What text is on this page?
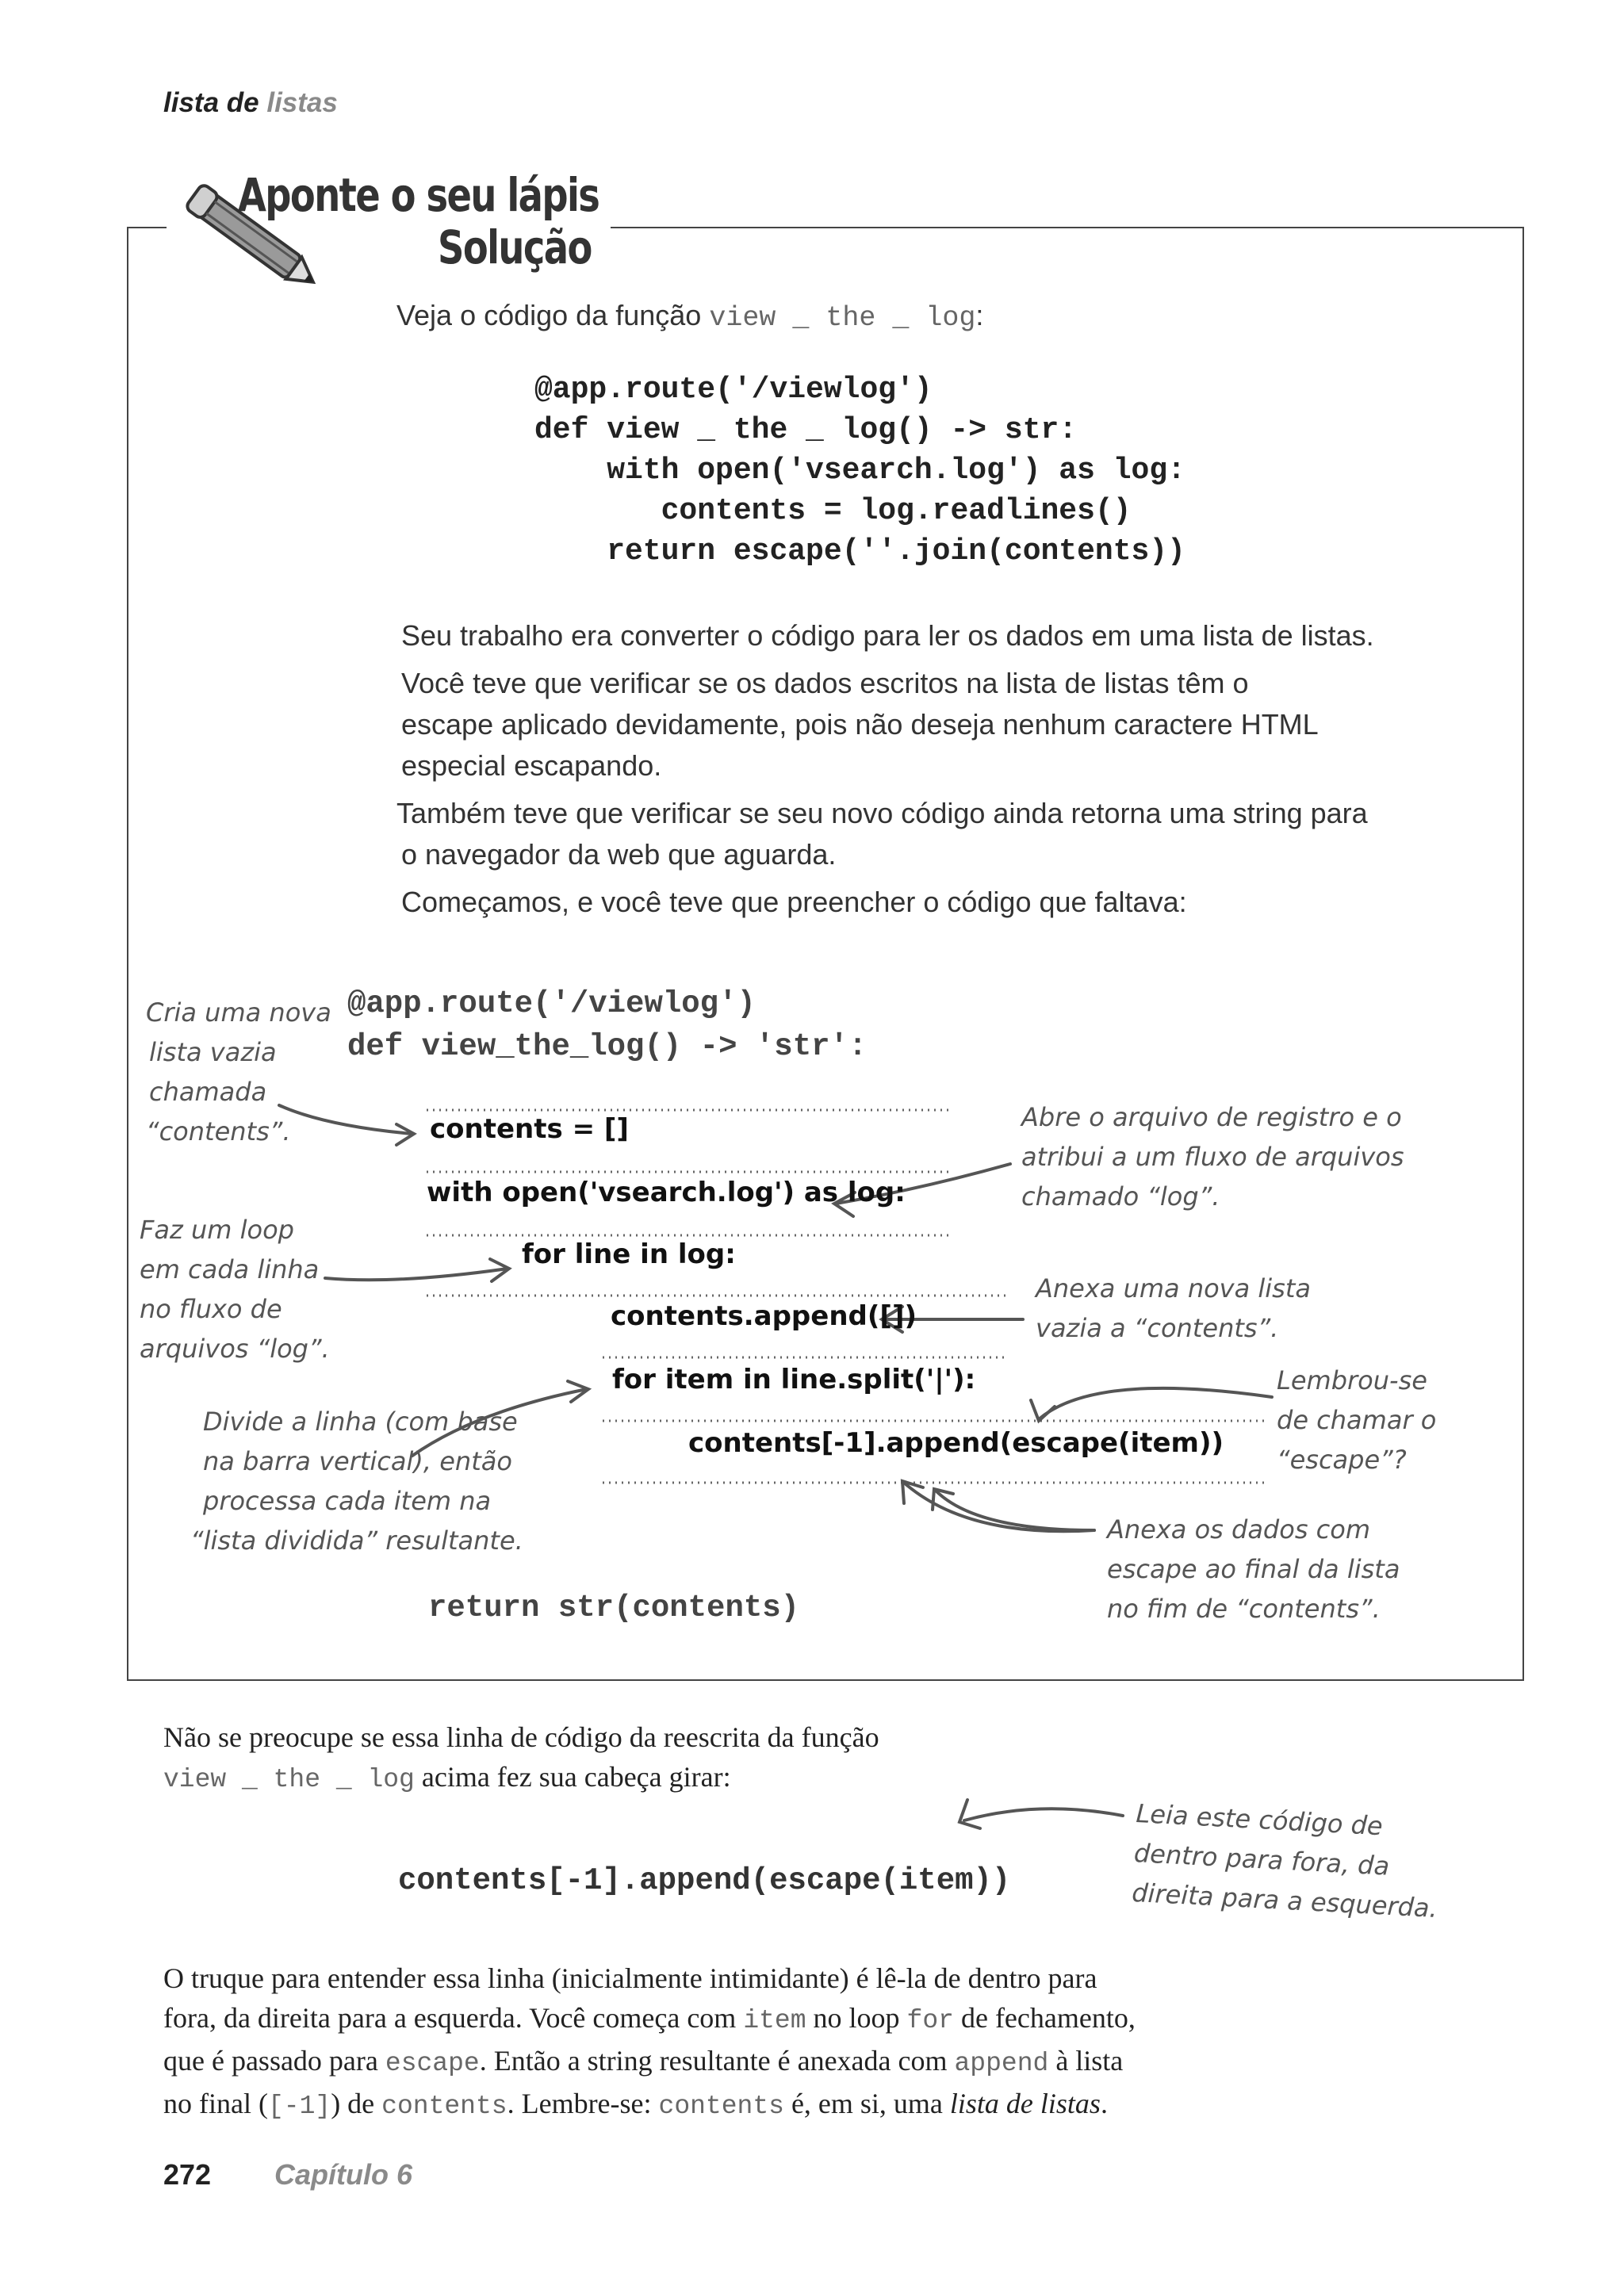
lista de listas

Aponte o seu lápis

Solução

Veja o código da função view _ the _ log:

@app.route('/viewlog')

def view _ the _ log() -> str:

with open('vsearch.log') as log:

contents = log.readlines()

return escape(''.join(contents))

Seu trabalho era converter o código para ler os dados em uma lista de listas.

Você teve que verificar se os dados escritos na lista de listas têm o

escape aplicado devidamente, pois não deseja nenhum caractere HTML

especial escapando.

Também teve que verificar se seu novo código ainda retorna uma string para

o navegador da web que aguarda.

Começamos, e você teve que preencher o código que faltava:

@app.route('/viewlog')

def view_the_log() -> 'str':

return str(contents)

contents = []

with open('vsearch.log') as log:

for line in log:

contents.append([])

for item in line.split('|'):

contents[-1].append(escape(item))

Cria uma nova

lista vazia

chamada

“contents”.

Faz um loop

em cada linha

no fluxo de

arquivos “log”.

Divide a linha (com base

na barra vertical), então

processa cada item na

“lista dividida” resultante.

Abre o arquivo de registro e o

atribui a um fluxo de arquivos

chamado “log”.

Anexa uma nova lista

vazia a “contents”.

Lembrou-se

de chamar o

“escape”?

Anexa os dados com

escape ao final da lista

no fim de “contents”.

Não se preocupe se essa linha de código da reescrita da função
view _ the _ log acima fez sua cabeça girar:

contents[-1].append(escape(item))

Leia este código de

dentro para fora, da

direita para a esquerda.

O truque para entender essa linha (inicialmente intimidante) é lê-la de dentro para

fora, da direita para a esquerda. Você começa com item no loop for de fechamento,

que é passado para escape. Então a string resultante é anexada com append à lista

no final ([-1]) de contents. Lembre-se: contents é, em si, uma lista de listas.

272 Capítulo 6
